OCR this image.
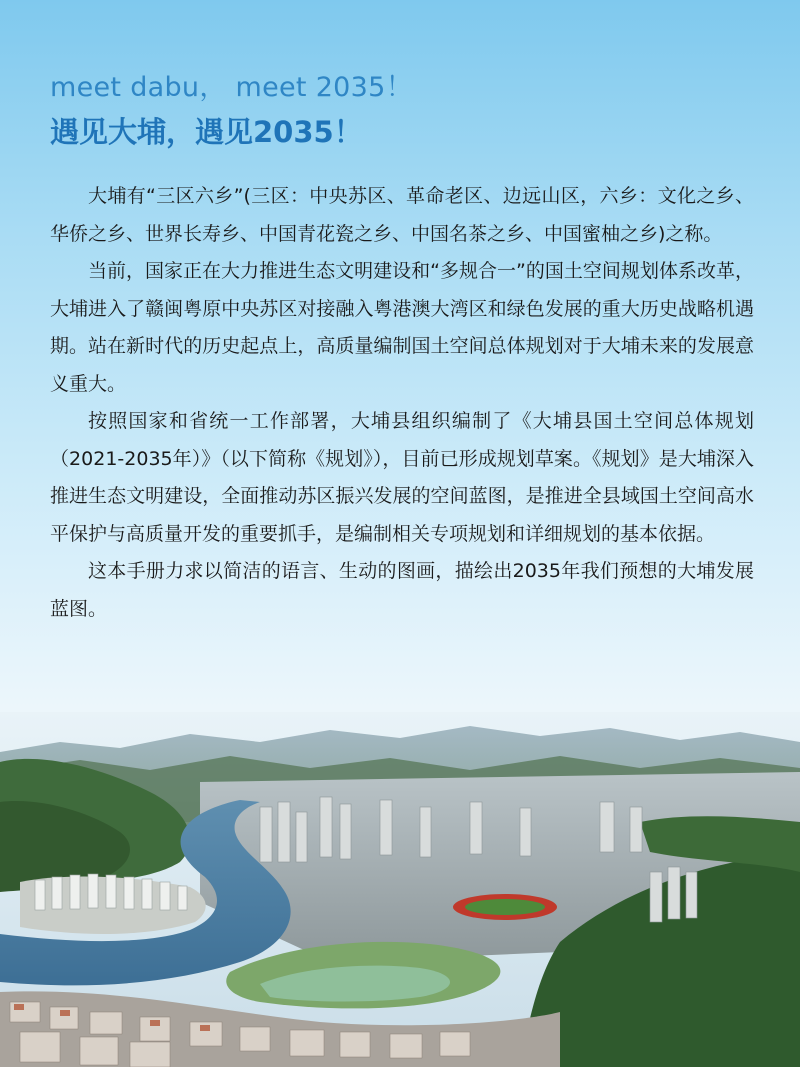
meet dabu， meet 2035！
遇见大埔，遇见2035！

大埔有“三区六乡”(三区：中央苏区、革命老区、边远山区，六乡：文化之乡、华侨之乡、世界长寿乡、中国青花瓷之乡、中国名茶之乡、中国蜜柚之乡)之称。

当前，国家正在大力推进生态文明建设和“多规合一”的国土空间规划体系改革，大埔进入了赣闽粤原中央苏区对接融入粤港澳大湾区和绿色发展的重大历史战略机遇期。站在新时代的历史起点上，高质量编制国土空间总体规划对于大埔未来的发展意义重大。

按照国家和省统一工作部署，大埔县组织编制了《大埔县国土空间总体规划（2021-2035年）》（以下简称《规划》），目前已形成规划草案。《规划》是大埔深入推进生态文明建设，全面推动苏区振兴发展的空间蓝图，是推进全县域国土空间高水平保护与高质量开发的重要抓手，是编制相关专项规划和详细规划的基本依据。

这本手册力求以简洁的语言、生动的图画，描绘出2035年我们预想的大埔发展蓝图。
